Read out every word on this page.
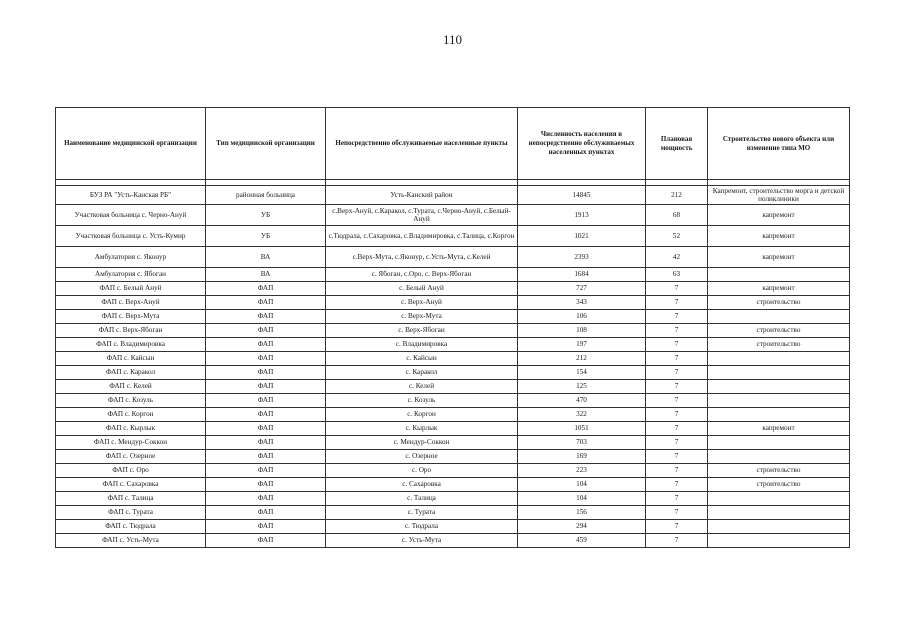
110
Наименование медицинской организации	Тип медицинской организации	Непосредственно обслуживаемые населенные пункты	Численность населения в непосредственно обслуживаемых населенных пунктах	Плановая мощность	Строительство нового объекта или изменение типа МО

БУЗ РА "Усть-Канская РБ"	районная больница	Усть-Канский район	14845	212	Капремонт, строительство морга и детской поликлиники
Участковая больница с. Черно-Ануй	УБ	с.Верх-Ануй, с.Каракол, с.Турата, с.Черно-Ануй, с.Белый-Ануй	1913	68	капремонт
Участковая больница с. Усть-Кумир	УБ	с.Тюдрала, с.Сахаровка, с.Владимировка, с.Талица, с.Коргон	1021	52	капремонт
Амбулатория с. Яконур	ВА	с.Верх-Мута, с.Яконур, с.Усть-Мута, с.Келей	2393	42	капремонт
Амбулатория с. Ябоган	ВА	с. Ябоган, с.Оро, с. Верх-Ябоган	1684	63	
ФАП с. Белый Ануй	ФАП	с. Белый Ануй	727	7	капремонт
ФАП с. Верх-Ануй	ФАП	с. Верх-Ануй	343	7	строительство
ФАП с. Верх-Мута	ФАП	с. Верх-Мута	106	7	
ФАП с. Верх-Ябоган	ФАП	с. Верх-Ябоган	108	7	строительство
ФАП с. Владимировка	ФАП	с. Владимировка	197	7	строительство
ФАП с. Кайсын	ФАП	с. Кайсын	212	7	
ФАП с. Каракол	ФАП	с. Каракол	154	7	
ФАП с. Келей	ФАП	с. Келей	125	7	
ФАП с. Козуль	ФАП	с. Козуль	470	7	
ФАП с. Коргон	ФАП	с. Коргон	322	7	
ФАП с. Кырлык	ФАП	с. Кырлык	1051	7	капремонт
ФАП с. Мендур-Соккон	ФАП	с. Мендур-Соккон	703	7	
ФАП с. Озерное	ФАП	с. Озерное	169	7	
ФАП с. Оро	ФАП	с. Оро	223	7	строительство
ФАП с. Сахаровка	ФАП	с. Сахаровка	104	7	строительство
ФАП с. Талица	ФАП	с. Талица	104	7	
ФАП с. Турата	ФАП	с. Турата	156	7	
ФАП с. Тюдрала	ФАП	с. Тюдрала	294	7	
ФАП с. Усть-Мута	ФАП	с. Усть-Мута	459	7	
